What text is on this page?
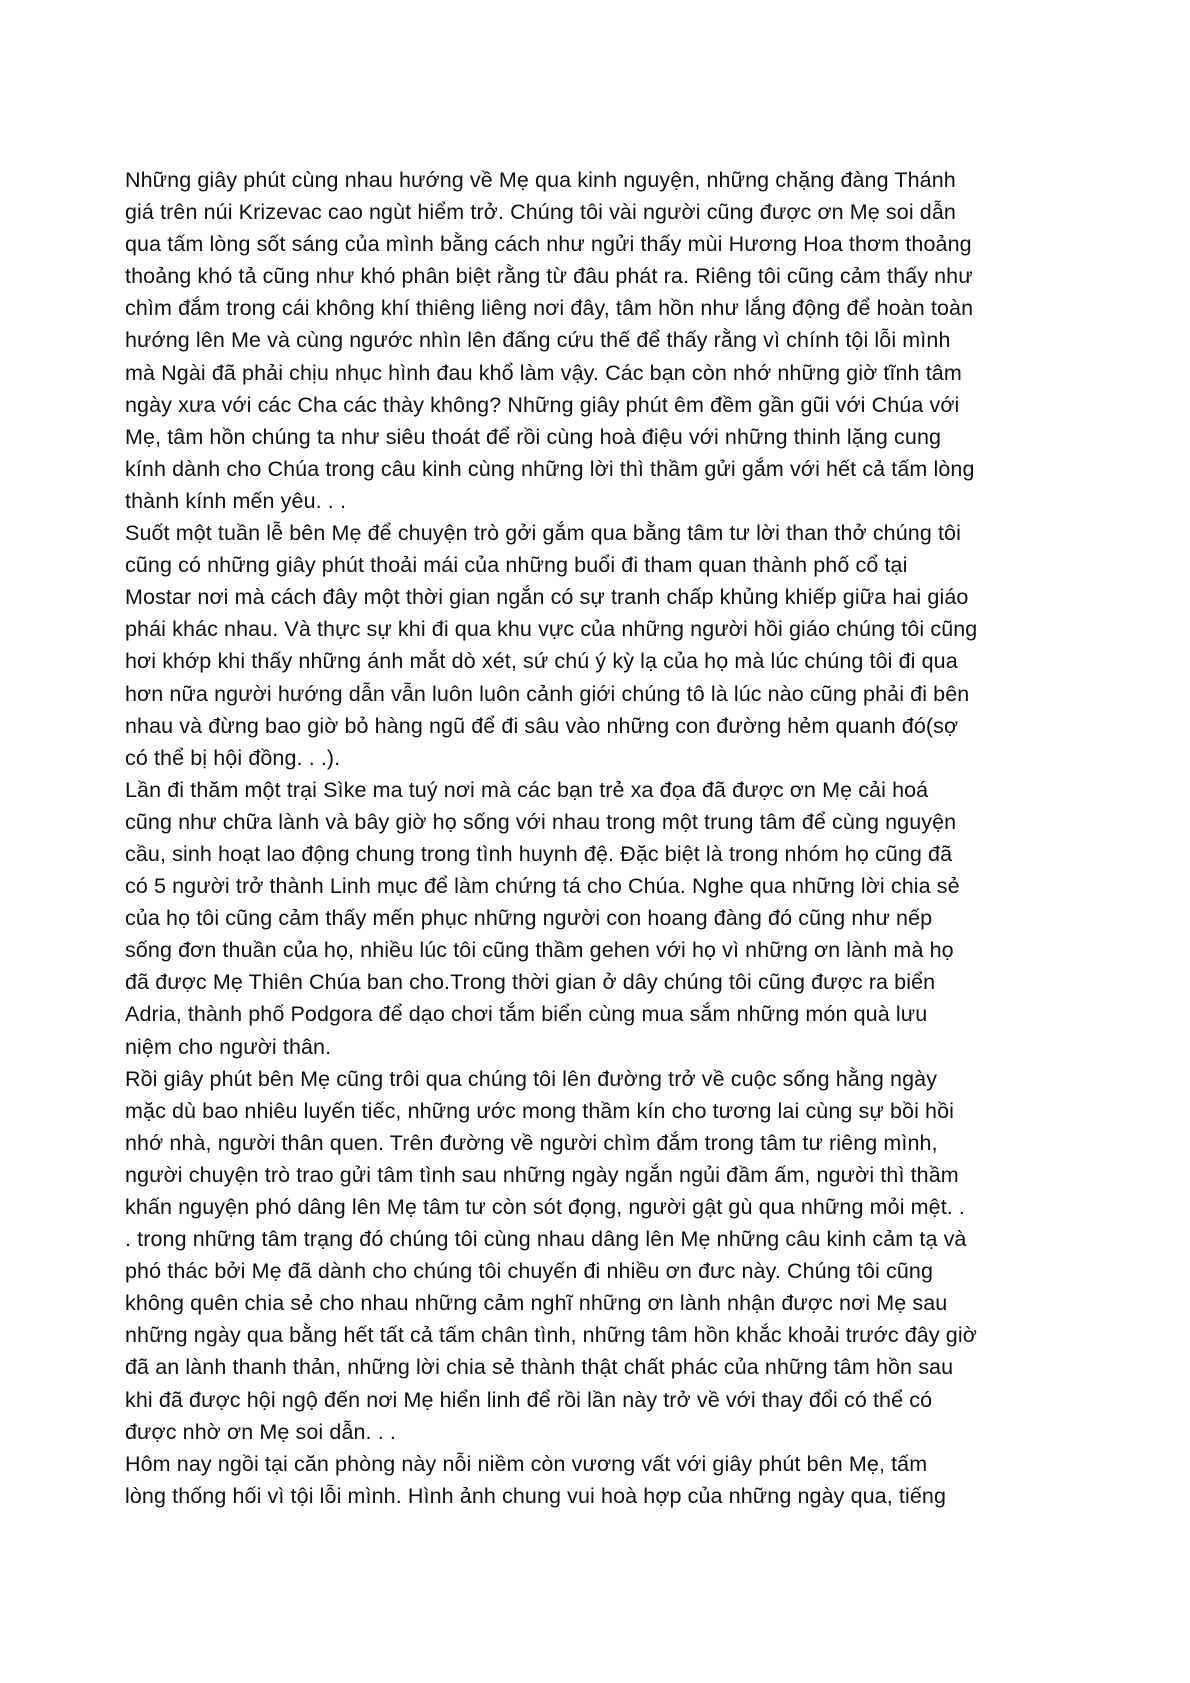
Những giây phút cùng nhau hướng về Mẹ qua kinh nguyện, những chặng đàng Thánh
giá trên núi Krizevac cao ngùt hiểm trở. Chúng tôi vài người cũng được ơn Mẹ soi dẫn
qua tấm lòng sốt sáng của mình bằng cách như ngửi thấy mùi Hương Hoa thơm thoảng
thoảng khó tả cũng như khó phân biệt rằng từ đâu phát ra. Riêng tôi cũng cảm thấy như
chìm đắm trong cái không khí thiêng liêng nơi đây, tâm hồn như lắng động để hoàn toàn
hướng lên Me và cùng ngước nhìn lên đấng cứu thế để thấy rằng vì chính tội lỗi mình
mà Ngài đã phải chịu nhục hình đau khổ làm vậy. Các bạn còn nhớ những giờ tĩnh tâm
ngày xưa với các Cha các thày không? Những giây phút êm đềm gần gũi với Chúa với
Mẹ, tâm hồn chúng ta như siêu thoát để rồi cùng hoà điệu với những thinh lặng cung
kính dành cho Chúa trong câu kinh cùng những lời thì thầm gửi gắm với hết cả tấm lòng
thành kính mến yêu. . .
Suốt một tuần lễ bên Mẹ để chuyện trò gởi gắm qua bằng tâm tư lời than thở chúng tôi
cũng có những giây phút thoải mái của những buổi đi tham quan thành phố cổ tại
Mostar nơi mà cách đây một thời gian ngắn có sự tranh chấp khủng khiếp giữa hai giáo
phái khác nhau. Và thực sự khi đi qua khu vực của những người hồi giáo chúng tôi cũng
hơi khớp khi thấy những ánh mắt dò xét, sứ chú ý kỳ lạ của họ mà lúc chúng tôi đi qua
hơn nữa người hướng dẫn vẫn luôn luôn cảnh giới chúng tô là lúc nào cũng phải đi bên
nhau và đừng bao giờ bỏ hàng ngũ để đi sâu vào những con đường hẻm quanh đó(sợ
có thể bị hội đồng. . .).
Lần đi thăm một trại Sìke ma tuý nơi mà các bạn trẻ xa đọa đã được ơn Mẹ cải hoá
cũng như chữa lành và bây giờ họ sống với nhau trong một trung tâm để cùng nguyện
cầu, sinh hoạt lao động chung trong tình huynh đệ. Đặc biệt là trong nhóm họ cũng đã
có 5 người trở thành Linh mục để làm chứng tá cho Chúa. Nghe qua những lời chia sẻ
của họ tôi cũng cảm thấy mến phục những người con hoang đàng đó cũng như nếp
sống đơn thuần của họ, nhiều lúc tôi cũng thầm gehen với họ vì những ơn lành mà họ
đã được Mẹ Thiên Chúa ban cho.Trong thời gian ở dây chúng tôi cũng được ra biển
Adria, thành phố Podgora để dạo chơi tắm biển cùng mua sắm những món quà lưu
niệm cho người thân.
Rồi giây phút bên Mẹ cũng trôi qua chúng tôi lên đường trở về cuộc sống hằng ngày
mặc dù bao nhiêu luyến tiếc, những ước mong thầm kín cho tương lai cùng sự bồi hồi
nhớ nhà, người thân quen. Trên đường về người chìm đắm trong tâm tư riêng mình,
người chuyện trò trao gửi tâm tình sau những ngày ngắn ngủi đầm ấm, người thì thầm
khấn nguyện phó dâng lên Mẹ tâm tư còn sót đọng, người gật gù qua những mỏi mệt. .
. trong những tâm trạng đó chúng tôi cùng nhau dâng lên Mẹ những câu kinh cảm tạ và
phó thác bởi Mẹ đã dành cho chúng tôi chuyến đi nhiều ơn đưc này. Chúng tôi cũng
không quên chia sẻ cho nhau những cảm nghĩ những ơn lành nhận được nơi Mẹ sau
những ngày qua bằng hết tất cả tấm chân tình, những tâm hồn khắc khoải trước đây giờ
đã an lành thanh thản, những lời chia sẻ thành thật chất phác của những tâm hồn sau
khi đã được hội ngộ đến nơi Mẹ hiển linh để rồi lần này trở về với thay đổi có thể có
được nhờ ơn Mẹ soi dẫn. . .
Hôm nay ngồi tại căn phòng này nỗi niềm còn vương vất với giây phút bên Mẹ, tấm
lòng thống hối vì tội lỗi mình. Hình ảnh chung vui hoà hợp của những ngày qua, tiếng
